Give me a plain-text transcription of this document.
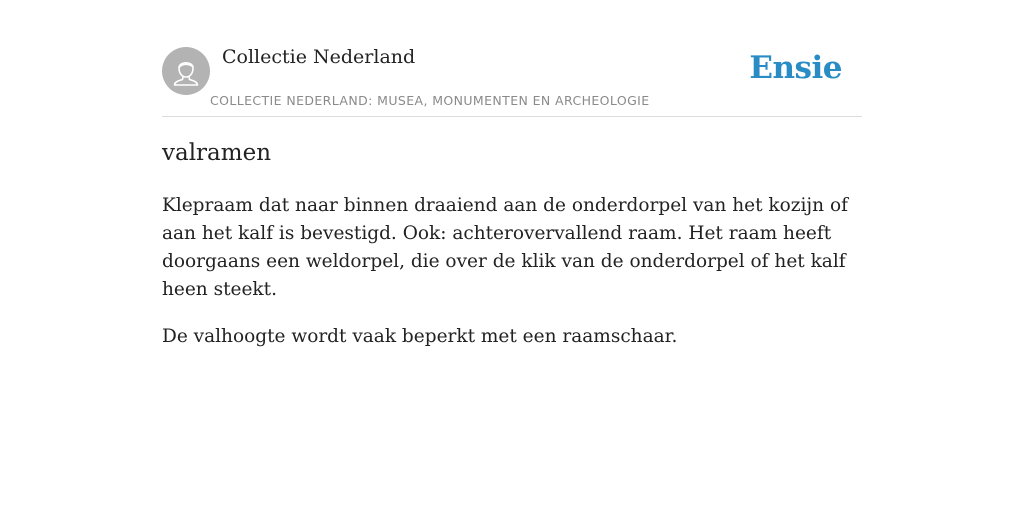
Collectie Nederland
COLLECTIE NEDERLAND: MUSEA, MONUMENTEN EN ARCHEOLOGIE
Ensie
valramen

Klepraam dat naar binnen draaiend aan de onderdorpel van het kozijn of aan het kalf is bevestigd. Ook: achterovervallend raam. Het raam heeft doorgaans een weldorpel, die over de klik van de onderdorpel of het kalf heen steekt.

De valhoogte wordt vaak beperkt met een raamschaar.
